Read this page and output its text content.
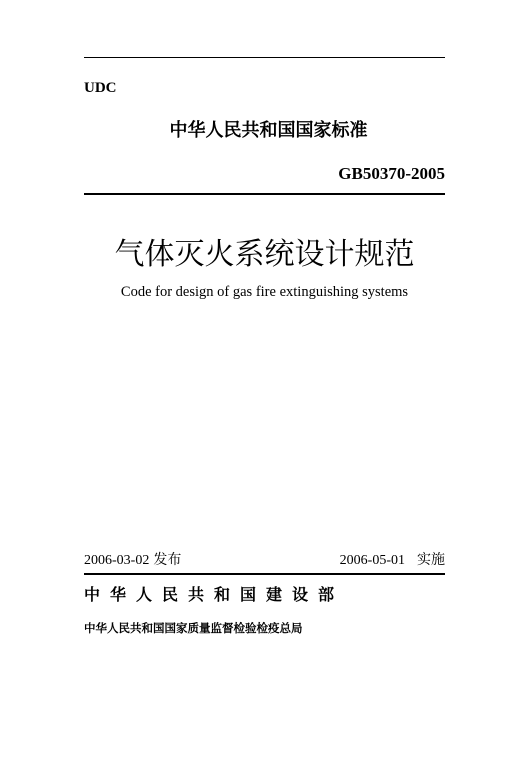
UDC
中华人民共和国国家标准
GB50370-2005
气体灭火系统设计规范
Code for design of gas fire extinguishing systems
2006-03-02 发布	2006-05-01 实施
中华人民共和国建设部
中华人民共和国国家质量监督检验检疫总局
